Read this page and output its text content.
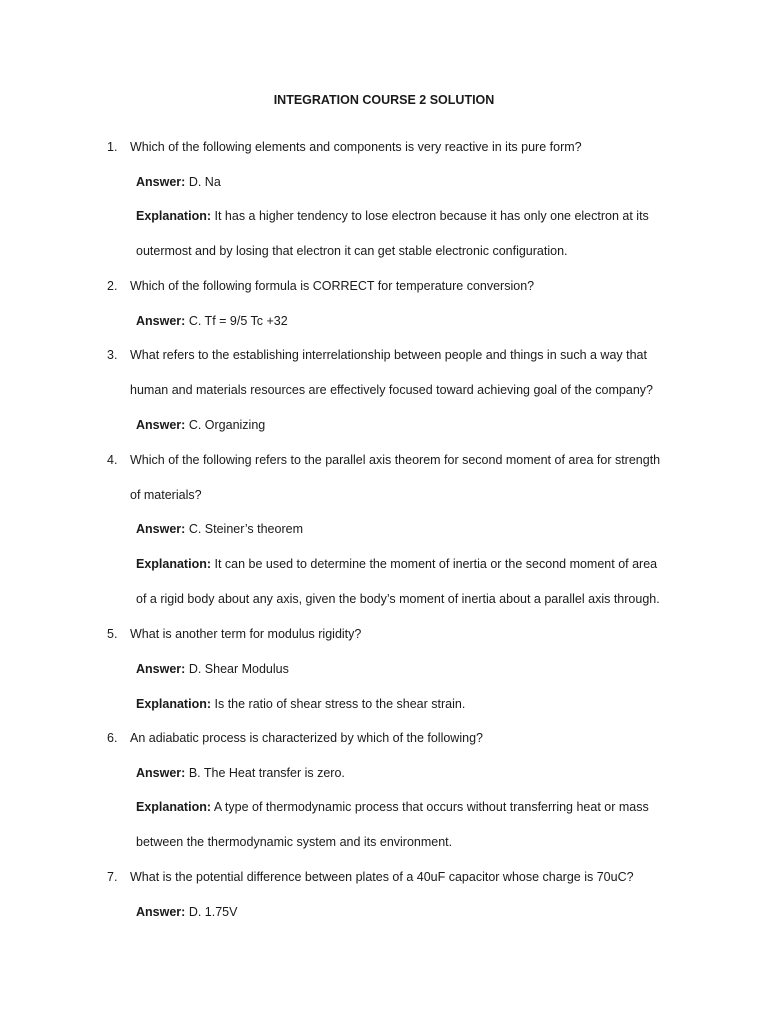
INTEGRATION COURSE 2 SOLUTION
1. Which of the following elements and components is very reactive in its pure form?
Answer: D. Na
Explanation: It has a higher tendency to lose electron because it has only one electron at its
outermost and by losing that electron it can get stable electronic configuration.
2. Which of the following formula is CORRECT for temperature conversion?
Answer: C. Tf = 9/5 Tc +32
3. What refers to the establishing interrelationship between people and things in such a way that
human and materials resources are effectively focused toward achieving goal of the company?
Answer: C. Organizing
4. Which of the following refers to the parallel axis theorem for second moment of area for strength
of materials?
Answer: C. Steiner’s theorem
Explanation: It can be used to determine the moment of inertia or the second moment of area
of a rigid body about any axis, given the body’s moment of inertia about a parallel axis through.
5. What is another term for modulus rigidity?
Answer: D. Shear Modulus
Explanation: Is the ratio of shear stress to the shear strain.
6. An adiabatic process is characterized by which of the following?
Answer: B. The Heat transfer is zero.
Explanation: A type of thermodynamic process that occurs without transferring heat or mass
between the thermodynamic system and its environment.
7. What is the potential difference between plates of a 40uF capacitor whose charge is 70uC?
Answer: D. 1.75V
